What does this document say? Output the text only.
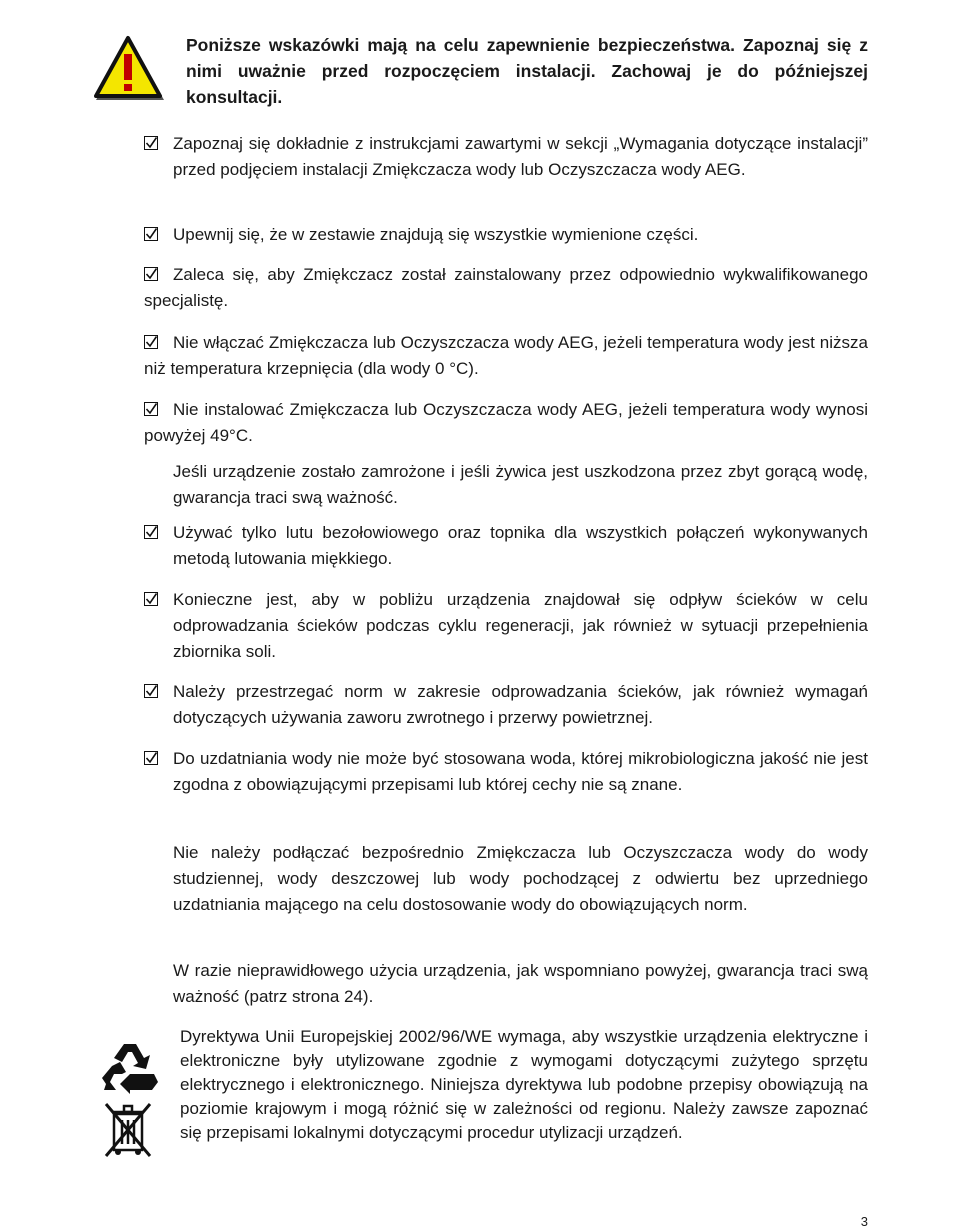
Poniższe wskazówki mają na celu zapewnienie bezpieczeństwa. Zapoznaj się z nimi uważnie przed rozpoczęciem instalacji. Zachowaj je do późniejszej konsultacji.
Zapoznaj się dokładnie z instrukcjami zawartymi w sekcji „Wymagania dotyczące instalacji” przed podjęciem instalacji Zmiękczacza wody lub Oczyszczacza wody AEG.
Upewnij się, że w zestawie znajdują się wszystkie wymienione części.
Zaleca się, aby Zmiękczacz został zainstalowany przez odpowiednio wykwalifikowanego specjalistę.
Nie włączać Zmiękczacza lub Oczyszczacza wody AEG, jeżeli temperatura wody jest niższa niż temperatura krzepnięcia (dla wody 0 °C).
Nie instalować Zmiękczacza lub Oczyszczacza wody AEG, jeżeli temperatura wody wynosi powyżej 49°C.
Jeśli urządzenie zostało zamrożone i jeśli żywica jest uszkodzona przez zbyt gorącą wodę, gwarancja traci swą ważność.
Używać tylko lutu bezołowiowego oraz topnika dla wszystkich połączeń wykonywanych metodą lutowania miękkiego.
Konieczne jest, aby w pobliżu urządzenia znajdował się odpływ ścieków w celu odprowadzania ścieków podczas cyklu regeneracji, jak również w sytuacji przepełnienia zbiornika soli.
Należy przestrzegać norm w zakresie odprowadzania ścieków, jak również wymagań dotyczących używania zaworu zwrotnego i przerwy powietrznej.
Do uzdatniania wody nie może być stosowana woda, której mikrobiologiczna jakość nie jest zgodna z obowiązującymi przepisami lub której cechy nie są znane.
Nie należy podłączać bezpośrednio Zmiękczacza lub Oczyszczacza wody do wody studziennej, wody deszczowej lub wody pochodzącej z odwiertu bez uprzedniego uzdatniania mającego na celu dostosowanie wody do obowiązujących norm.
W razie nieprawidłowego użycia urządzenia, jak wspomniano powyżej, gwarancja traci swą ważność (patrz strona 24).
Dyrektywa Unii Europejskiej 2002/96/WE wymaga, aby wszystkie urządzenia elektryczne i elektroniczne były utylizowane zgodnie z wymogami dotyczącymi zużytego sprzętu elektrycznego i elektronicznego. Niniejsza dyrektywa lub podobne przepisy obowiązują na poziomie krajowym i mogą różnić się w zależności od regionu. Należy zawsze zapoznać się przepisami lokalnymi dotyczącymi procedur utylizacji urządzeń.
3
